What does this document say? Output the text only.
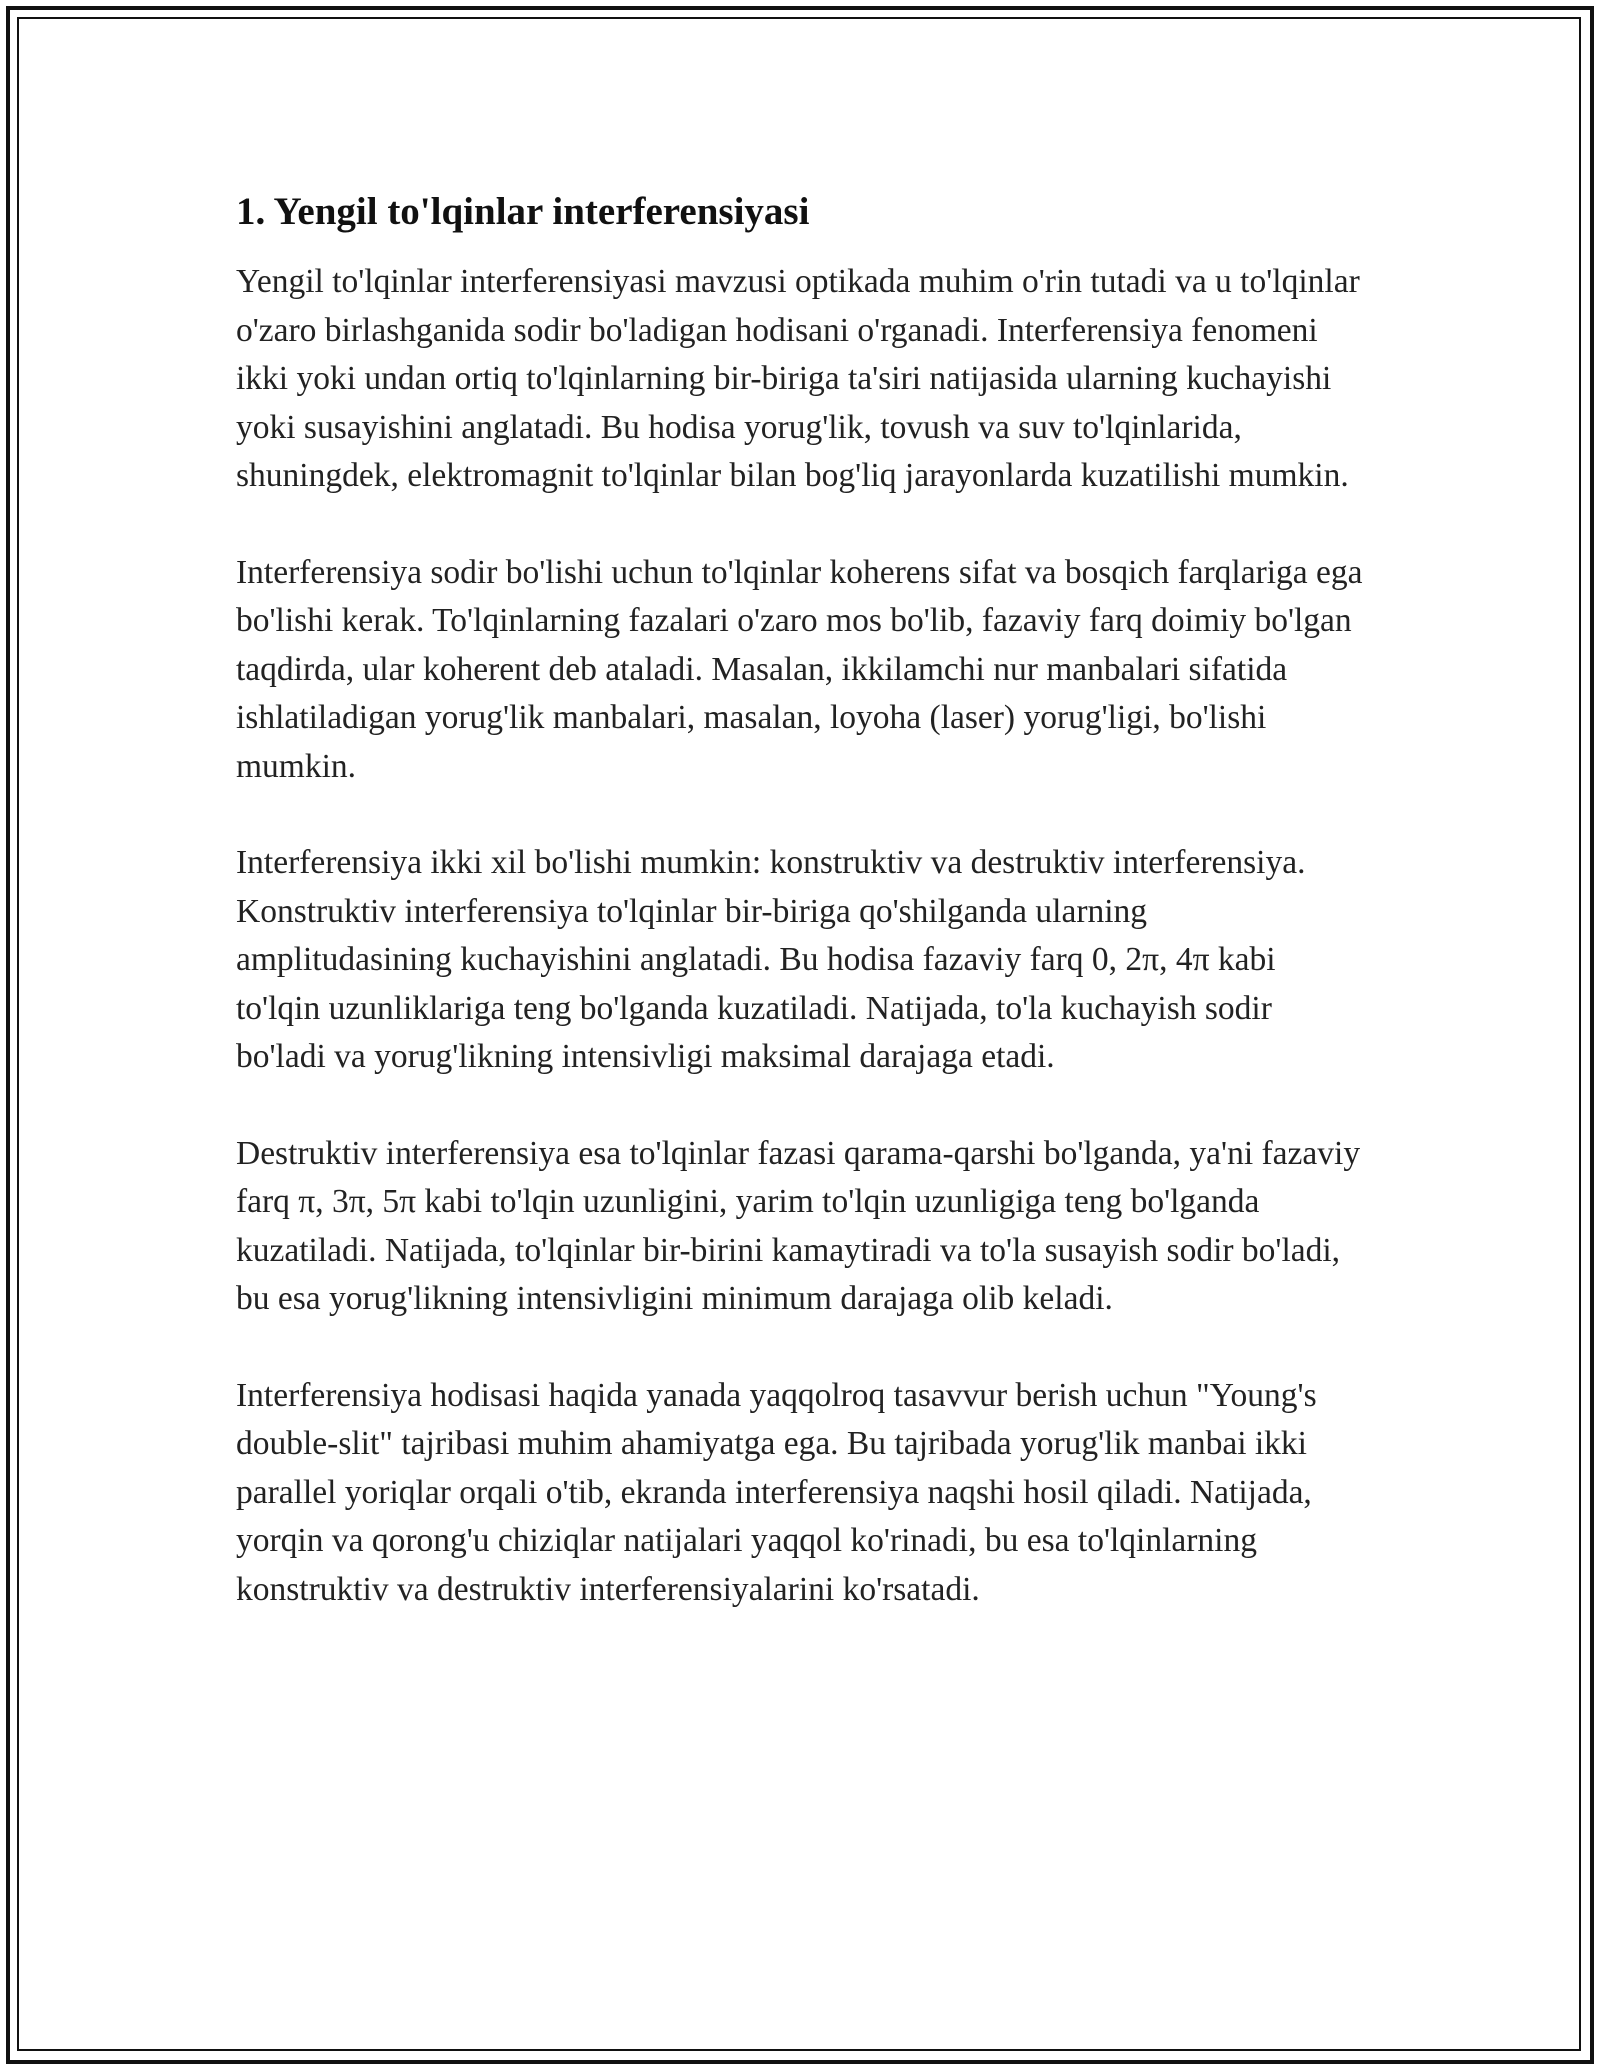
1. Yengil to'lqinlar interferensiyasi

Yengil to'lqinlar interferensiyasi mavzusi optikada muhim o'rin tutadi va u to'lqinlar o'zaro birlashganida sodir bo'ladigan hodisani o'rganadi. Interferensiya fenomeni ikki yoki undan ortiq to'lqinlarning bir-biriga ta'siri natijasida ularning kuchayishi yoki susayishini anglatadi. Bu hodisa yorug'lik, tovush va suv to'lqinlarida, shuningdek, elektromagnit to'lqinlar bilan bog'liq jarayonlarda kuzatilishi mumkin.

Interferensiya sodir bo'lishi uchun to'lqinlar koherens sifat va bosqich farqlariga ega bo'lishi kerak. To'lqinlarning fazalari o'zaro mos bo'lib, fazaviy farq doimiy bo'lgan taqdirda, ular koherent deb ataladi. Masalan, ikkilamchi nur manbalari sifatida ishlatiladigan yorug'lik manbalari, masalan, loyoha (laser) yorug'ligi, bo'lishi mumkin.

Interferensiya ikki xil bo'lishi mumkin: konstruktiv va destruktiv interferensiya. Konstruktiv interferensiya to'lqinlar bir-biriga qo'shilganda ularning amplitudasining kuchayishini anglatadi. Bu hodisa fazaviy farq 0, 2π, 4π kabi to'lqin uzunliklariga teng bo'lganda kuzatiladi. Natijada, to'la kuchayish sodir bo'ladi va yorug'likning intensivligi maksimal darajaga etadi.

Destruktiv interferensiya esa to'lqinlar fazasi qarama-qarshi bo'lganda, ya'ni fazaviy farq π, 3π, 5π kabi to'lqin uzunligini, yarim to'lqin uzunligiga teng bo'lganda kuzatiladi. Natijada, to'lqinlar bir-birini kamaytiradi va to'la susayish sodir bo'ladi, bu esa yorug'likning intensivligini minimum darajaga olib keladi.

Interferensiya hodisasi haqida yanada yaqqolroq tasavvur berish uchun "Young's double-slit" tajribasi muhim ahamiyatga ega. Bu tajribada yorug'lik manbai ikki parallel yoriqlar orqali o'tib, ekranda interferensiya naqshi hosil qiladi. Natijada, yorqin va qorong'u chiziqlar natijalari yaqqol ko'rinadi, bu esa to'lqinlarning konstruktiv va destruktiv interferensiyalarini ko'rsatadi.
